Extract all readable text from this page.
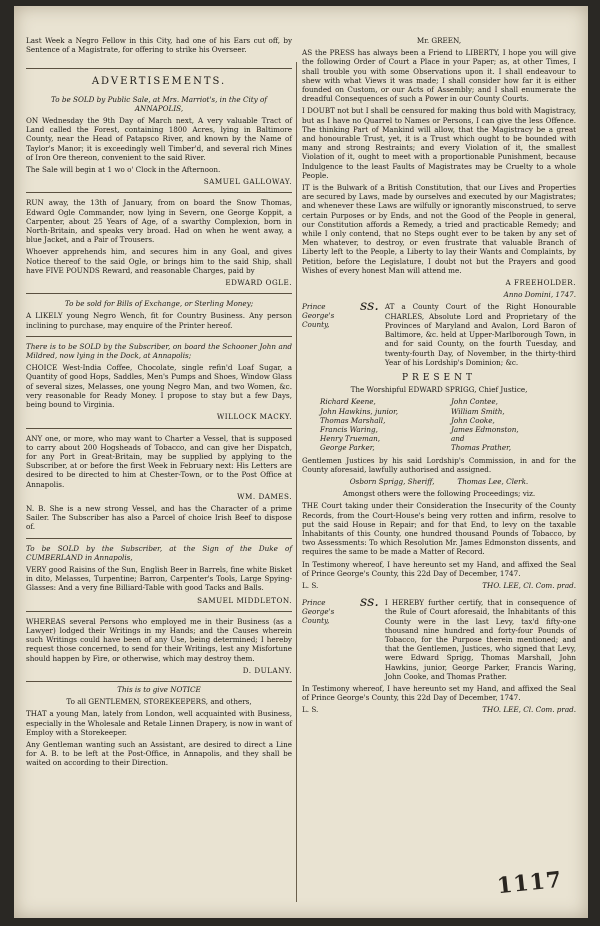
Last Week a Negro Fellow in this City, had one of his Ears cut off, by Sentence of a Magistrate, for offering to strike his Overseer.

ADVERTISEMENTS.

To be SOLD by Public Sale, at Mrs. Marriot's, in the City of ANNAPOLIS,

ON Wednesday the 9th Day of March next, A very valuable Tract of Land called the Forest, containing 1800 Acres, lying in Baltimore County, near the Head of Patapsco River, and known by the Name of Taylor's Manor; it is exceedingly well Timber'd, and several rich Mines of Iron Ore thereon, convenient to the said River.

The Sale will begin at 1 wo o' Clock in the Afternoon.

SAMUEL GALLOWAY.

RUN away, the 13th of January, from on board the Snow Thomas, Edward Ogle Commander, now lying in Severn, one George Koppit, a Carpenter, about 25 Years of Age, of a swarthy Complexion, born in North-Britain, and speaks very broad. Had on when he went away, a blue Jacket, and a Pair of Trousers.

Whoever apprehends him, and secures him in any Goal, and gives Notice thereof to the said Ogle, or brings him to the said Ship, shall have FIVE POUNDS Reward, and reasonable Charges, paid by

EDWARD OGLE.

To be sold for Bills of Exchange, or Sterling Money;

A LIKELY young Negro Wench, fit for Country Business. Any person inclining to purchase, may enquire of the Printer hereof.

There is to be SOLD by the Subscriber, on board the Schooner John and Mildred, now lying in the Dock, at Annapolis;

CHOICE West-India Coffee, Chocolate, single refin'd Loaf Sugar, a Quantity of good Hops, Saddles, Men's Pumps and Shoes, Window Glass of several sizes, Melasses, one young Negro Man, and two Women, &c. very reasonable for Ready Money. I propose to stay but a few Days, being bound to Virginia.

WILLOCK MACKY.

ANY one, or more, who may want to Charter a Vessel, that is supposed to carry about 200 Hogsheads of Tobacco, and can give her Dispatch, for any Port in Great-Britain, may be supplied by applying to the Subscriber, at or before the first Week in February next: His Letters are desired to be directed to him at Chester-Town, or to the Post Office at Annapolis.

WM. DAMES.

N. B. She is a new strong Vessel, and has the Character of a prime Sailer. The Subscriber has also a Parcel of choice Irish Beef to dispose of.

To be SOLD by the Subscriber, at the Sign of the Duke of CUMBERLAND in Annapolis,

VERY good Raisins of the Sun, English Beer in Barrels, fine white Bisket in dito, Melasses, Turpentine; Barron, Carpenter's Tools, Large Spying-Glasses: And a very fine Billiard-Table with good Tacks and Balls.

SAMUEL MIDDLETON.

WHEREAS several Persons who employed me in their Business (as a Lawyer) lodged their Writings in my Hands; and the Causes wherein such Writings could have been of any Use, being determined; I hereby request those concerned, to send for their Writings, lest any Misfortune should happen by Fire, or otherwise, which may destroy them.

D. DULANY.

This is to give NOTICE

To all GENTLEMEN, STOREKEEPERS, and others,

THAT a young Man, lately from London, well acquainted with Business, especially in the Wholesale and Retale Linnen Drapery, is now in want of Employ with a Storekeeper.

Any Gentleman wanting such an Assistant, are desired to direct a Line for A. B. to be left at the Post-Office, in Annapolis, and they shall be waited on according to their Direction.

Mr. GREEN,

AS the PRESS has always been a Friend to LIBERTY, I hope you will give the following Order of Court a Place in your Paper; as, at other Times, I shall trouble you with some Observations upon it. I shall endeavour to shew with what Views it was made; I shall consider how far it is either founded on Custom, or our Acts of Assembly; and I shall enumerate the dreadful Consequences of such a Power in our County Courts.

I DOUBT not but I shall be censured for making thus bold with Magistracy, but as I have no Quarrel to Names or Persons, I can give the less Offence. The thinking Part of Mankind will allow, that the Magistracy be a great and honourable Trust, yet, it is a Trust which ought to be bounded with many and strong Restraints; and every Violation of it, the smallest Violation of it, ought to meet with a proportionable Punishment, because Indulgence to the least Faults of Magistrates may be Cruelty to a whole People.

IT is the Bulwark of a British Constitution, that our Lives and Properties are secured by Laws, made by ourselves and executed by our Magistrates; and whenever these Laws are wilfully or ignorantly misconstrued, to serve certain Purposes or by Ends, and not the Good of the People in general, our Constitution affords a Remedy, a tried and practicable Remedy; and while I only contend, that no Steps ought ever to be taken by any set of Men whatever, to destroy, or even frustrate that valuable Branch of Liberty left to the People, a Liberty to lay their Wants and Complaints, by Petition, before the Legislature, I doubt not but the Prayers and good Wishes of every honest Man will attend me.

A FREEHOLDER.

Anno Domini, 1747.

Prince George's County,
ss. AT a County Court of the Right Honourable CHARLES, Absolute Lord and Proprietary of the Provinces of Maryland and Avalon, Lord Baron of Baltimore, &c. held at Upper-Marlborough Town, in and for said County, on the fourth Tuesday, and twenty-fourth Day, of November, in the thirty-third Year of his Lordship's Dominion; &c.

PRESENT

The Worshipful EDWARD SPRIGG, Chief Justice,

Richard Keene,	John Contee,
John Hawkins, junior,	William Smith,
Thomas Marshall,	John Cooke,
Francis Waring,	James Edmonston,
Henry Trueman,	and
George Parker,	Thomas Prather,

Gentlemen Justices by his said Lordship's Commission, in and for the County aforesaid, lawfully authorised and assigned.

Osborn Sprigg, Sheriff,          Thomas Lee, Clerk.

Amongst others were the following Proceedings; viz.

THE Court taking under their Consideration the Insecurity of the County Records, from the Court-House's being very rotten and infirm, resolve to put the said House in Repair; and for that End, to levy on the taxable Inhabitants of this County, one hundred thousand Pounds of Tobacco, by two Assessments: To which Resolution Mr. James Edmonston dissents, and requires the same to be made a Matter of Record.

In Testimony whereof, I have hereunto set my Hand, and affixed the Seal of Prince George's County, this 22d Day of December, 1747.

L. S.	THO. LEE, Cl. Com. prad.
Prince George's County,
ss. I HEREBY further certify, that in consequence of the Rule of Court aforesaid, the Inhabitants of this County were in the last Levy, tax'd fifty-one thousand nine hundred and forty-four Pounds of Tobacco, for the Purpose therein mentioned; and that the Gentlemen, Justices, who signed that Levy, were Edward Sprigg, Thomas Marshall, John Hawkins, junior, George Parker, Francis Waring, John Cooke, and Thomas Prather.

In Testimony whereof, I have hereunto set my Hand, and affixed the Seal of Prince George's County, this 22d Day of December, 1747.

L. S.	THO. LEE, Cl. Com. prad.
1117
